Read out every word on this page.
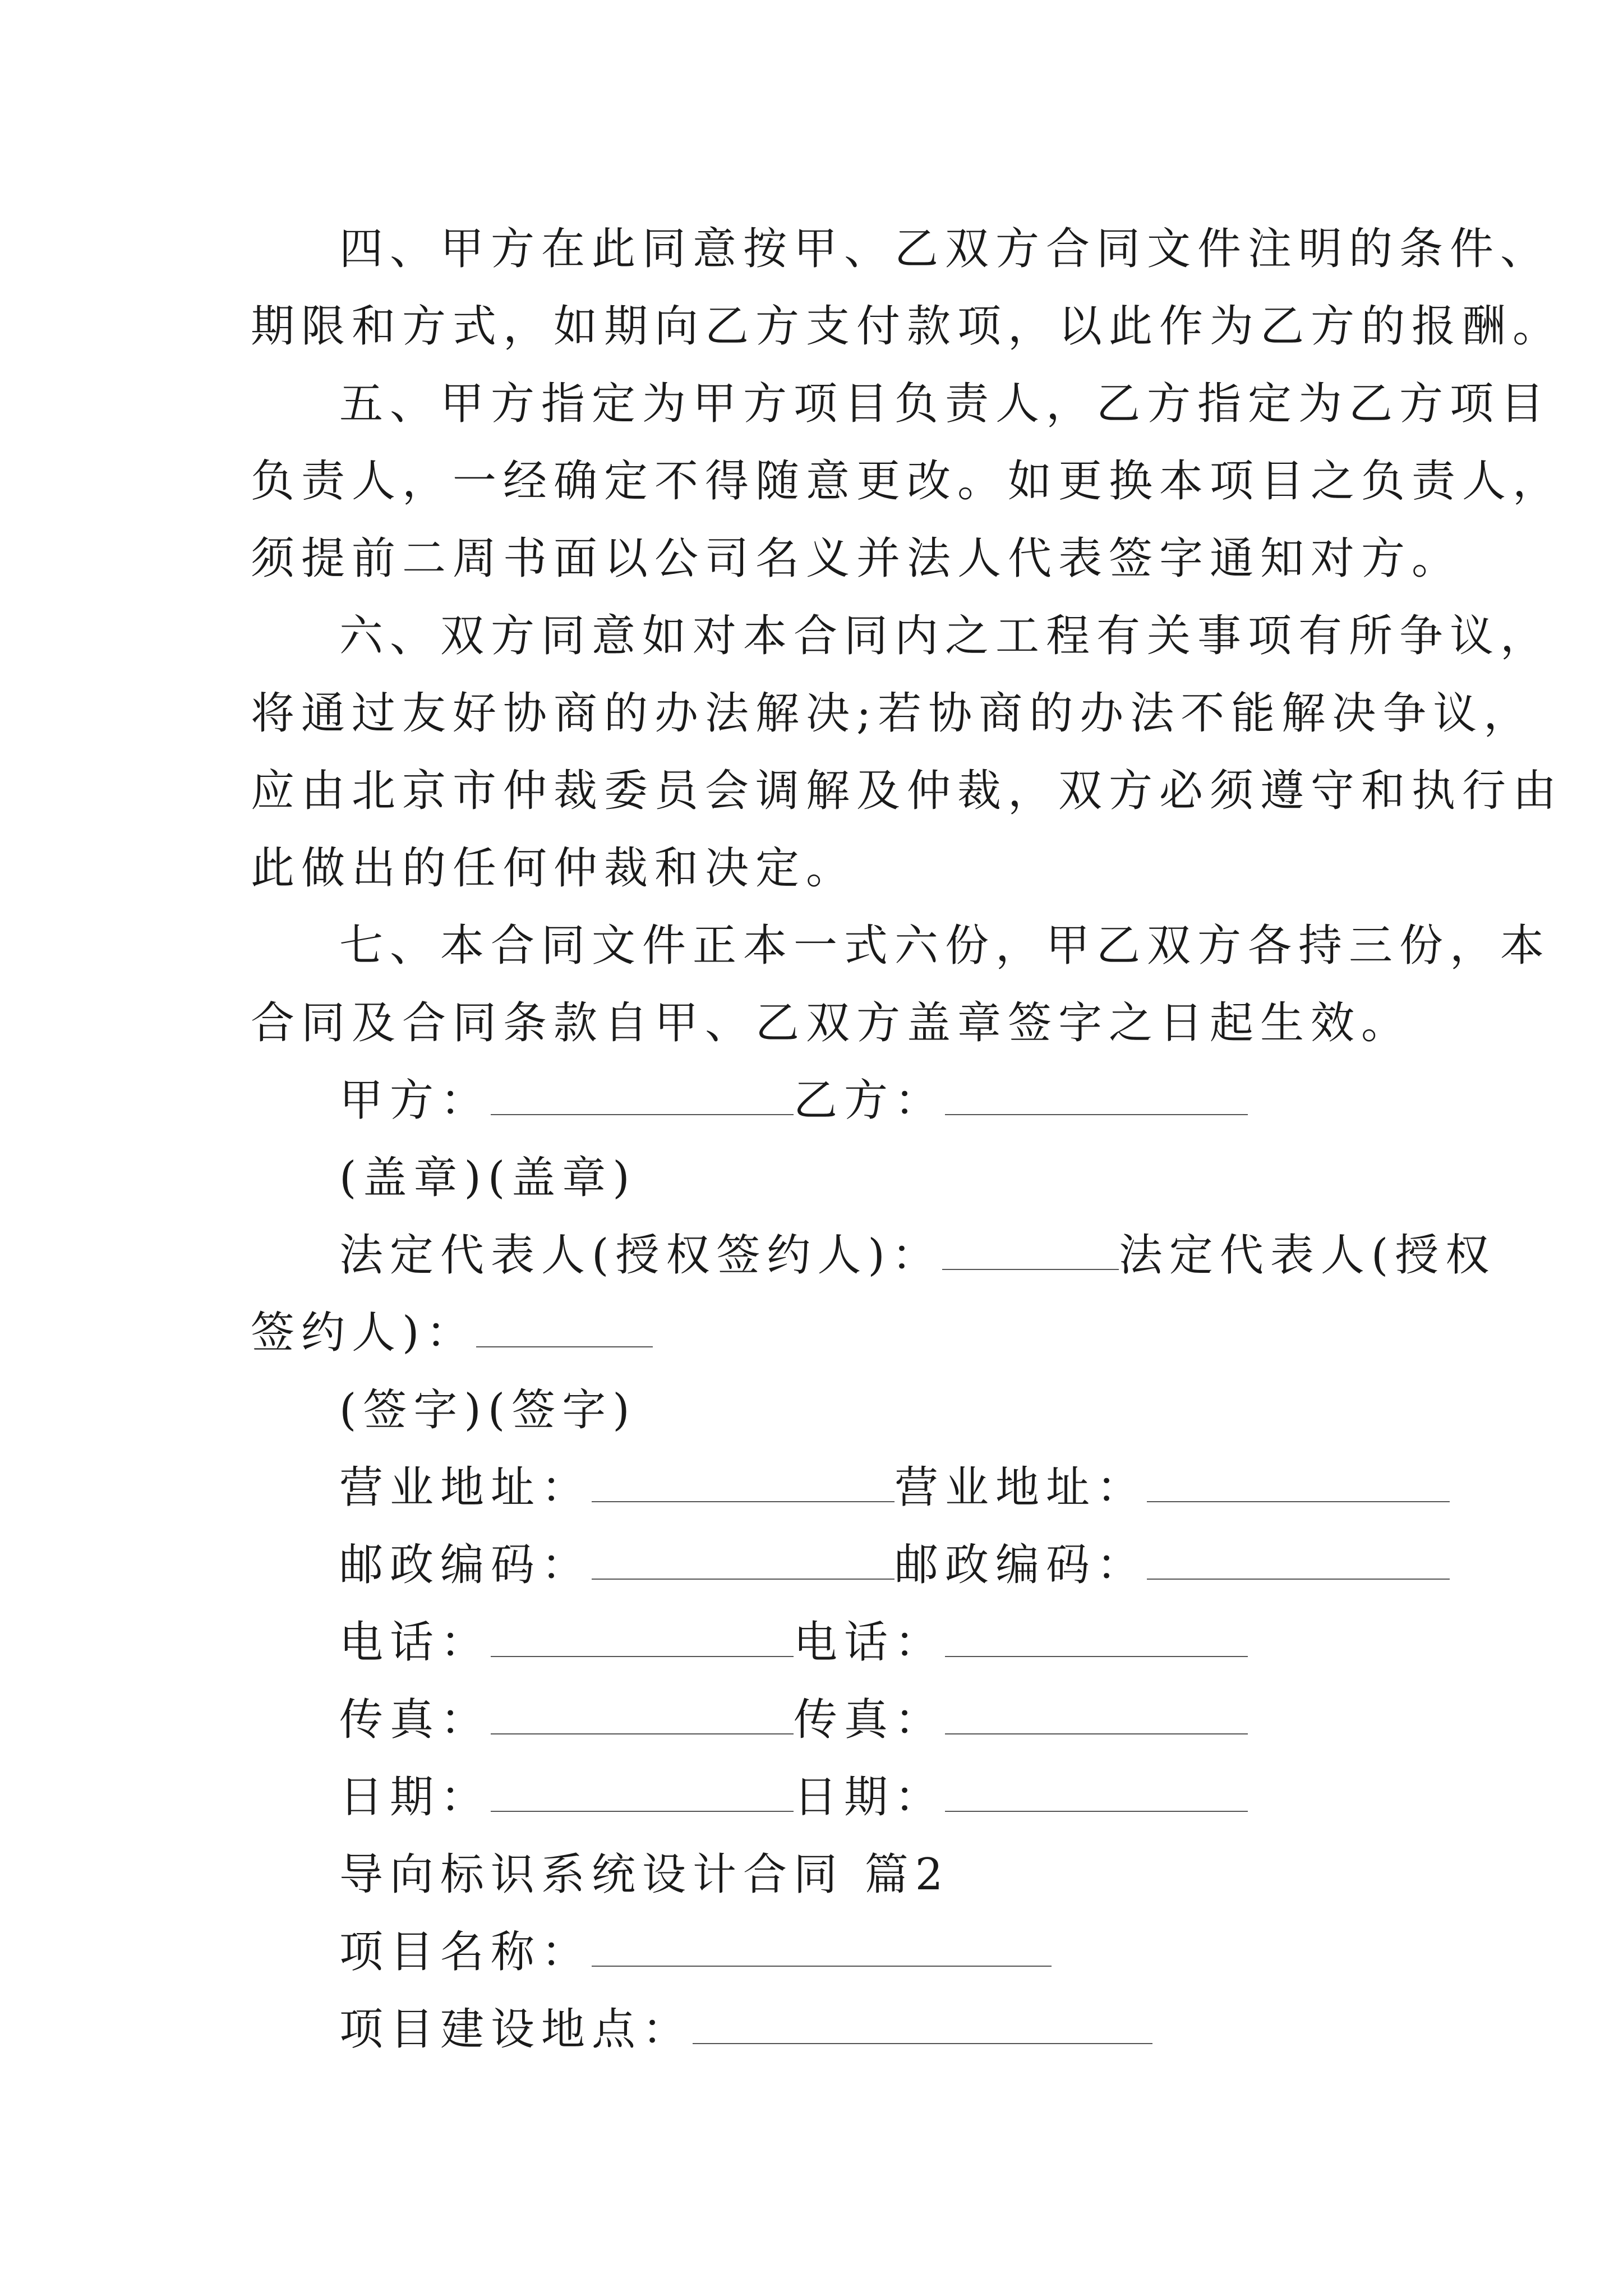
四、甲方在此同意按甲、乙双方合同文件注明的条件、
期限和方式，如期向乙方支付款项，以此作为乙方的报酬。
五、甲方指定为甲方项目负责人，乙方指定为乙方项目
负责人，一经确定不得随意更改。如更换本项目之负责人，
须提前二周书面以公司名义并法人代表签字通知对方。
六、双方同意如对本合同内之工程有关事项有所争议，
将通过友好协商的办法解决;若协商的办法不能解决争议，
应由北京市仲裁委员会调解及仲裁，双方必须遵守和执行由
此做出的任何仲裁和决定。
七、本合同文件正本一式六份，甲乙双方各持三份，本
合同及合同条款自甲、乙双方盖章签字之日起生效。
甲方：	乙方：
(盖章)(盖章)
法定代表人(授权签约人)：	法定代表人(授权
签约人)：
(签字)(签字)
营业地址：	营业地址：
邮政编码：	邮政编码：
电话：	电话：
传真：	传真：
日期：	日期：
导向标识系统设计合同 篇2
项目名称：
项目建设地点：
